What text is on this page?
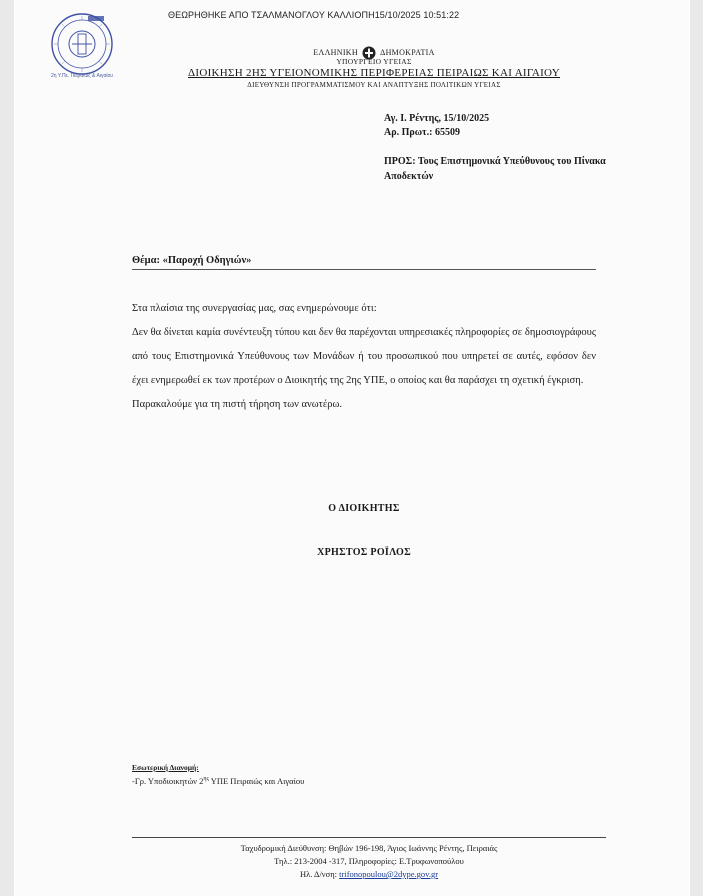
ΘΕΩΡΗΘΗΚΕ ΑΠΟ ΤΣΑΛΜΑΝΟΓΛΟΥ ΚΑΛΛΙΟΠΗ15/10/2025 10:51:22
2η Υ.Πε. Πειραιώς & Αιγαίου
ΕΛΛΗΝΙΚΗ	ΔΗΜΟΚΡΑΤΙΑ
ΥΠΟΥΡΓΕΙΟ ΥΓΕΙΑΣ
ΔΙΟΙΚΗΣΗ 2ΗΣ ΥΓΕΙΟΝΟΜΙΚΗΣ ΠΕΡΙΦΕΡΕΙΑΣ ΠΕΙΡΑΙΩΣ ΚΑΙ ΑΙΓΑΙΟΥ
ΔΙΕΥΘΥΝΣΗ ΠΡΟΓΡΑΜΜΑΤΙΣΜΟΥ ΚΑΙ ΑΝΑΠΤΥΞΗΣ ΠΟΛΙΤΙΚΩΝ ΥΓΕΙΑΣ
Αγ. Ι. Ρέντης, 15/10/2025
Αρ. Πρωτ.: 65509
ΠΡΟΣ: Τους Επιστημονικά Υπεύθυνους του Πίνακα Αποδεκτών
Θέμα: «Παροχή Οδηγιών»

Στα πλαίσια της συνεργασίας μας, σας ενημερώνουμε ότι:

Δεν θα δίνεται καμία συνέντευξη τύπου και δεν θα παρέχονται υπηρεσιακές πληροφορίες σε δημοσιογράφους από τους Επιστημονικά Υπεύθυνους των Μονάδων ή του προσωπικού που υπηρετεί σε αυτές, εφόσον δεν έχει ενημερωθεί εκ των προτέρων ο Διοικητής της 2ης ΥΠΕ, ο οποίος και θα παράσχει τη σχετική έγκριση.

Παρακαλούμε για τη πιστή τήρηση των ανωτέρω.

Ο ΔΙΟΙΚΗΤΗΣ
ΧΡΗΣΤΟΣ ΡΟΪΛΟΣ
Εσωτερική Διανομή:
-Γρ. Υποδιοικητών $2^{\eta\varsigma}$ ΥΠΕ Πειραιώς και Αιγαίου
Ταχυδρομική Διεύθυνση: Θηβών 196-198, Άγιος Ιωάννης Ρέντης, Πειραιάς
Τηλ.: 213-2004 -317, Πληροφορίες: Ε.Τρυφωνοπούλου
Ηλ. Δ/νση: trifonopoulou@2dype.gov.gr
